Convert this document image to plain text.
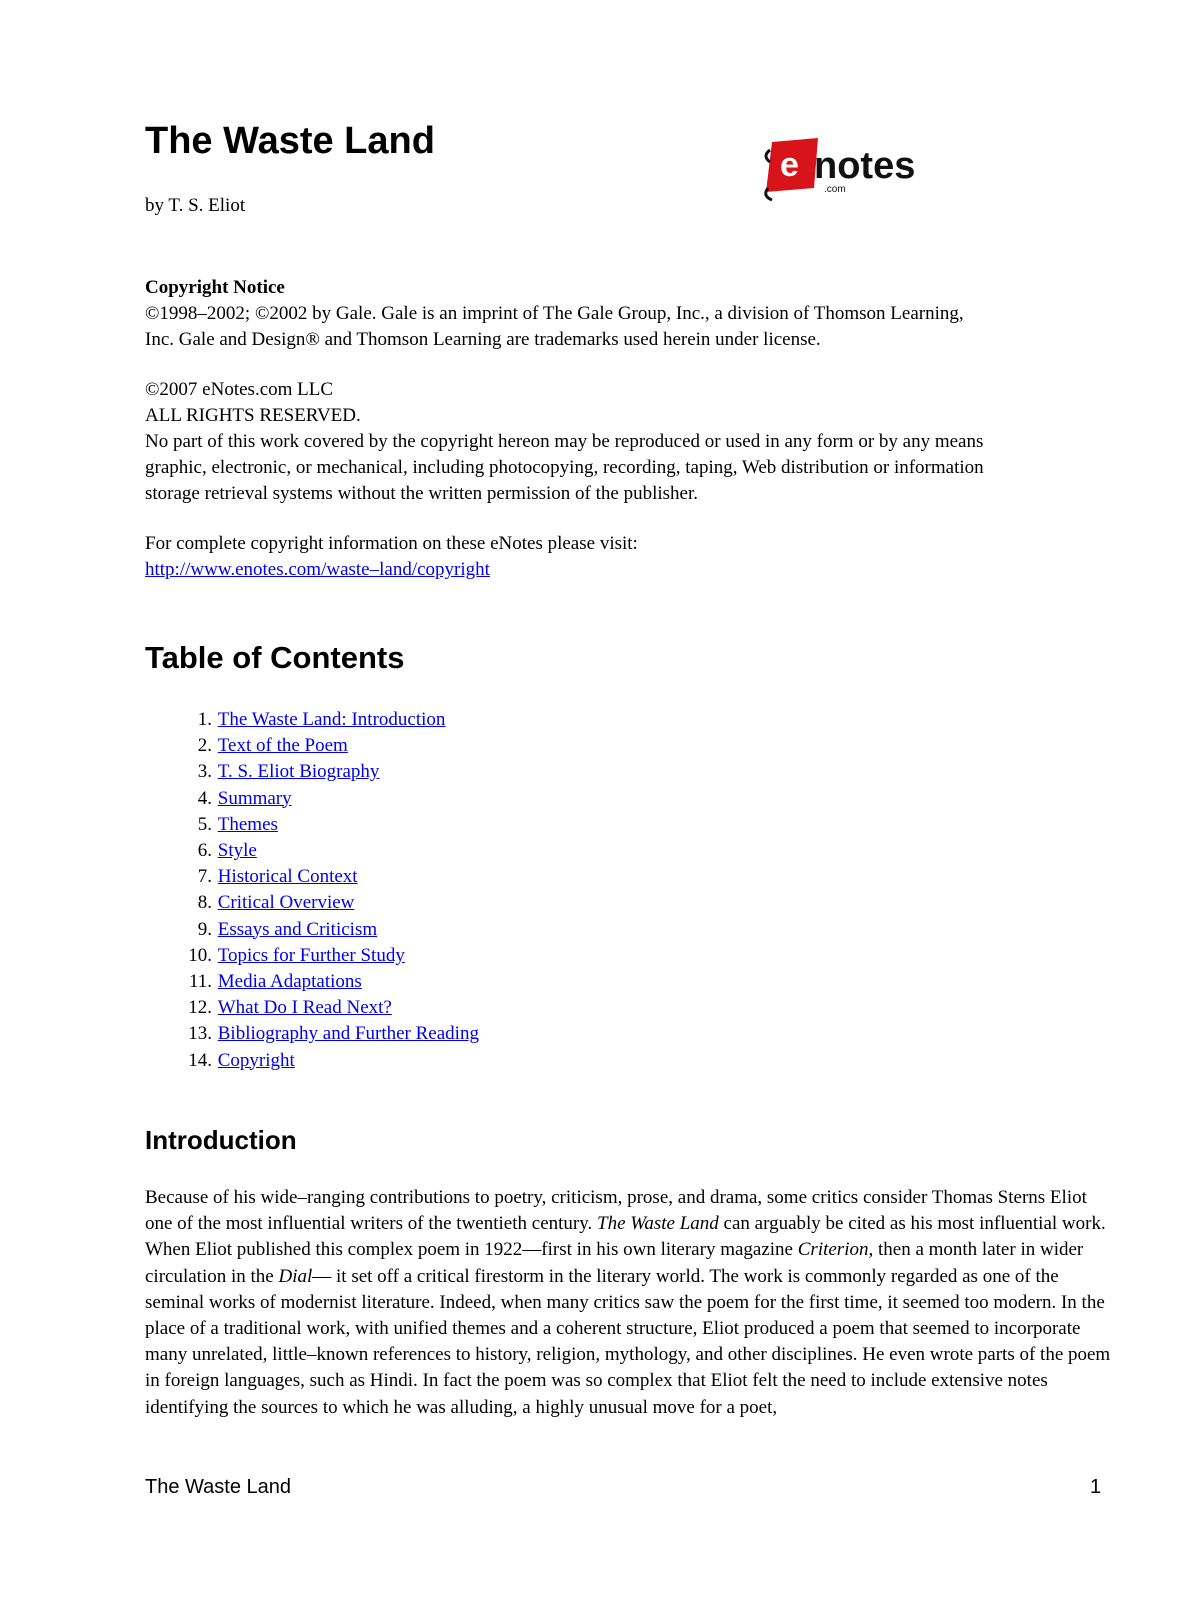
The Waste Land
by T. S. Eliot
e notes
.com

Copyright Notice

©1998–2002; ©2002 by Gale. Gale is an imprint of The Gale Group, Inc., a division of Thomson Learning,

Inc. Gale and Design® and Thomson Learning are trademarks used herein under license.

©2007 eNotes.com LLC

ALL RIGHTS RESERVED.

No part of this work covered by the copyright hereon may be reproduced or used in any form or by any means

graphic, electronic, or mechanical, including photocopying, recording, taping, Web distribution or information

storage retrieval systems without the written permission of the publisher.

For complete copyright information on these eNotes please visit:

http://www.enotes.com/waste–land/copyright

Table of Contents
1.
The Waste Land: Introduction
2.
Text of the Poem
3.
T. S. Eliot Biography
4.
Summary
5.
Themes
6.
Style
7.
Historical Context
8.
Critical Overview
9.
Essays and Criticism
10.
Topics for Further Study
11.
Media Adaptations
12.
What Do I Read Next?
13.
Bibliography and Further Reading
14.
Copyright
Introduction

Because of his wide–ranging contributions to poetry, criticism, prose, and drama, some critics consider Thomas Sterns Eliot one of the most influential writers of the twentieth century. The Waste Land can arguably be cited as his most influential work. When Eliot published this complex poem in 1922—first in his own literary magazine Criterion, then a month later in wider circulation in the Dial— it set off a critical firestorm in the literary world. The work is commonly regarded as one of the seminal works of modernist literature. Indeed, when many critics saw the poem for the first time, it seemed too modern. In the place of a traditional work, with unified themes and a coherent structure, Eliot produced a poem that seemed to incorporate many unrelated, little–known references to history, religion, mythology, and other disciplines. He even wrote parts of the poem in foreign languages, such as Hindi. In fact the poem was so complex that Eliot felt the need to include extensive notes identifying the sources to which he was alluding, a highly unusual move for a poet,

The Waste Land	1
